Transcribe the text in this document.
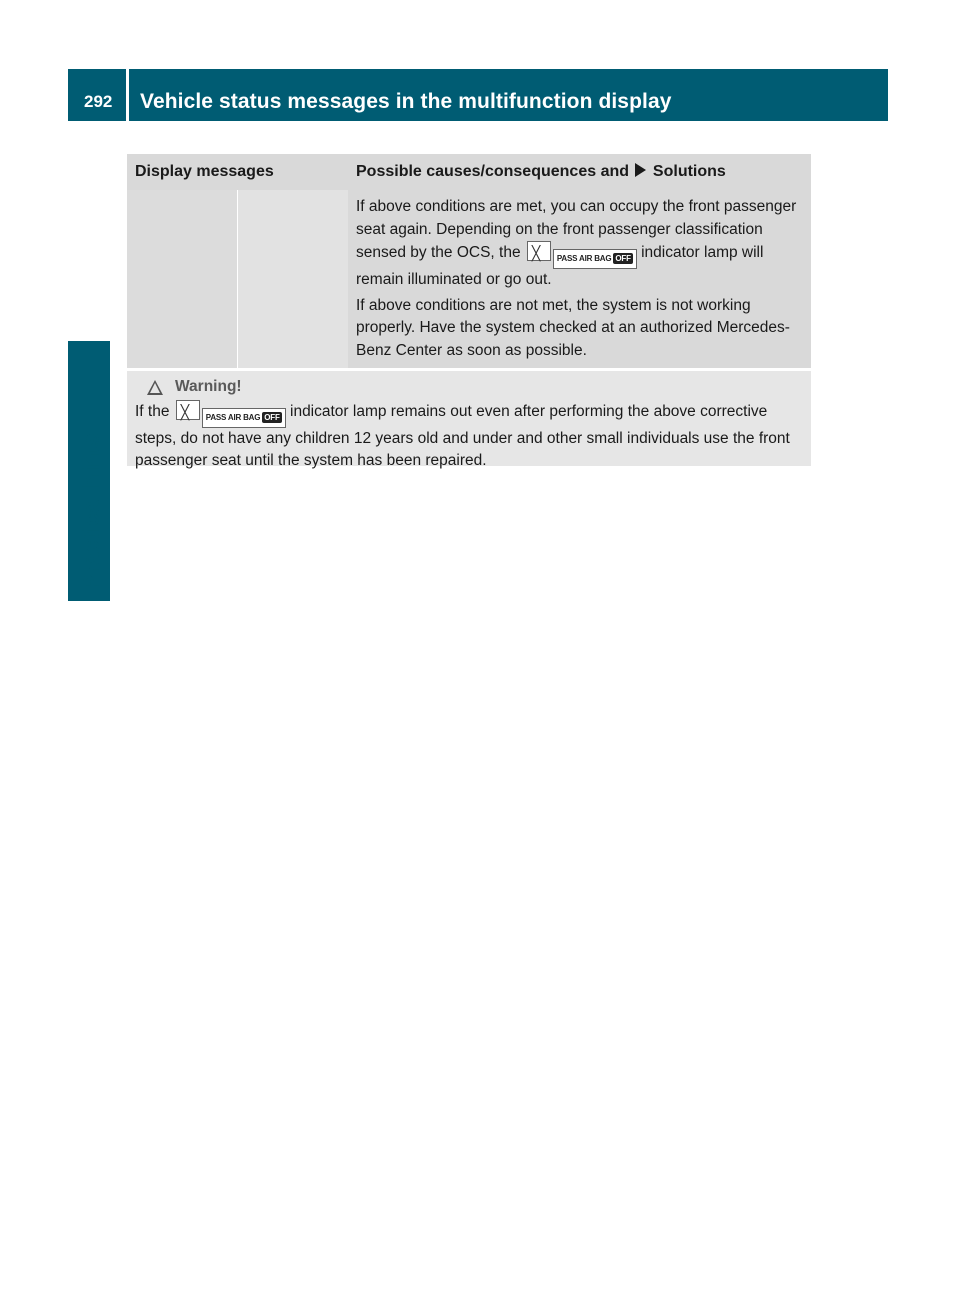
292	Vehicle status messages in the multifunction display
Practical hints
Display messages		Possible causes/consequences and Solutions

		If above conditions are met, you can occupy the front passenger seat again. Depending on the front passenger classification sensed by the OCS, the ╳ PASS AIR BAG OFF indicator lamp will remain illuminated or go out.
If above conditions are not met, the system is not working properly. Have the system checked at an authorized Mercedes-Benz Center as soon as possible.
Warning!
If the ╳	PASS AIR BAG OFF indicator lamp remains out even after performing the above corrective steps, do not have any children 12 years old and under and other small individuals use the front passenger seat until the system has been repaired.
